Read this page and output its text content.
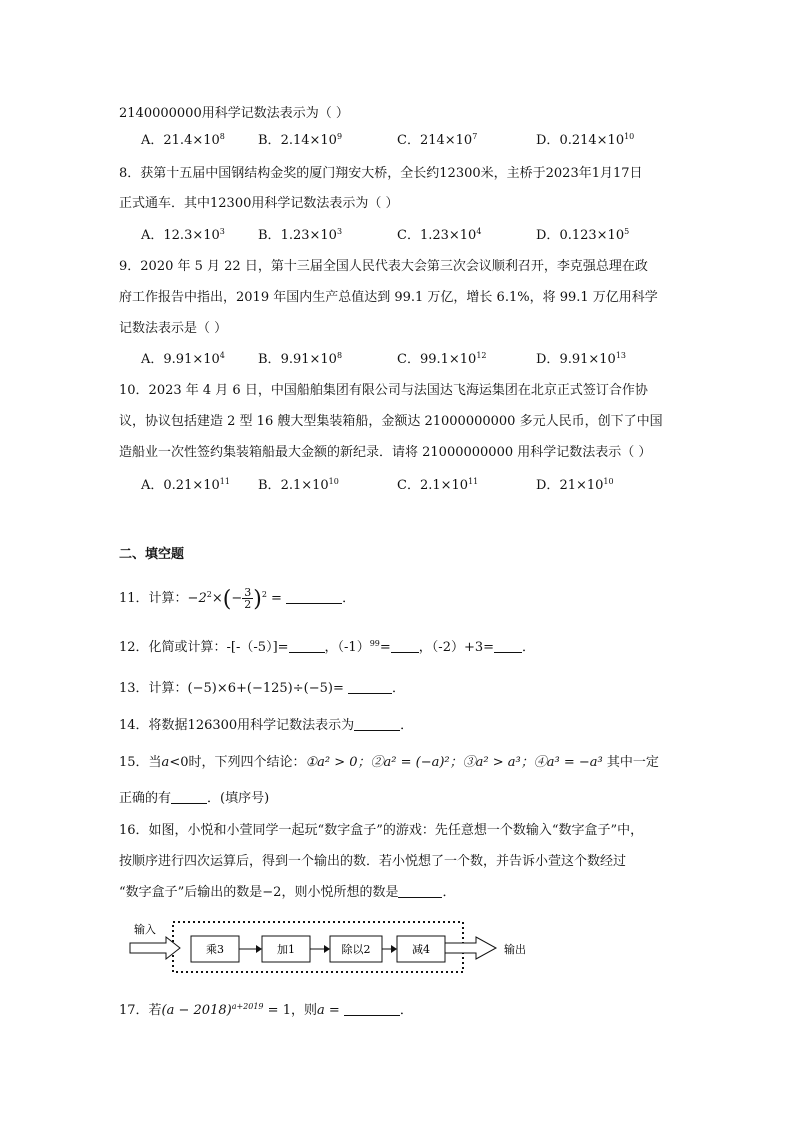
2140000000用科学记数法表示为（ ）
A．$21.4\times 10^8$	B．$2.14\times 10^9$	C．$214\times 10^7$	D．$0.214\times 10^{10}$
8．获第十五届中国钢结构金奖的厦门翔安大桥，全长约12300米，主桥于2023年1月17日
正式通车．其中12300用科学记数法表示为（ ）
A．$12.3\times 10^3$	B．$1.23\times 10^3$	C．$1.23\times 10^4$	D．$0.123\times 10^5$
9．2020 年 5 月 22 日，第十三届全国人民代表大会第三次会议顺利召开，李克强总理在政
府工作报告中指出，2019 年国内生产总值达到 99.1 万亿，增长 6.1%，将 99.1 万亿用科学
记数法表示是（ ）
A．$9.91\times 10^4$	B．$9.91\times 10^8$	C．$99.1\times 10^{12}$	D．$9.91\times 10^{13}$
10．2023 年 4 月 6 日，中国船舶集团有限公司与法国达飞海运集团在北京正式签订合作协
议，协议包括建造 2 型 16 艘大型集装箱船，金额达 21000000000 多元人民币，创下了中国
造船业一次性签约集装箱船最大金额的新纪录．请将 21000000000 用科学记数法表示（ ）
A．$0.21\times 10^{11}$ B．$2.1\times 10^{10}$	C．$2.1\times 10^{11}$	D．$21\times 10^{10}$
二、填空题
11．计算：$-2^2\times(- \frac{3}{2} )^2$ =	．
12．化简或计算：-[-（-5）]=	，$(-1)^{99}=$ ，（-2）+3= ．
13．计算：(−5)×6+(−125)÷(−5)=	．
14．将数据126300用科学记数法表示为	．
15．当a<0时，下列四个结论：①a² > 0；②a² = (−a)²；③a² > a³；④a³ = −a³ 其中一定
正确的有	．(填序号)
16．如图，小悦和小萱同学一起玩“数字盒子”的游戏：先任意想一个数输入“数字盒子”中，
按顺序进行四次运算后，得到一个输出的数．若小悦想了一个数，并告诉小萱这个数经过
“数字盒子”后输出的数是−2，则小悦所想的数是	．
输入
乘3	加1	除以2	减4	输出
17．若$(a - 2018)^{a+2019} = 1$，则a =	．
